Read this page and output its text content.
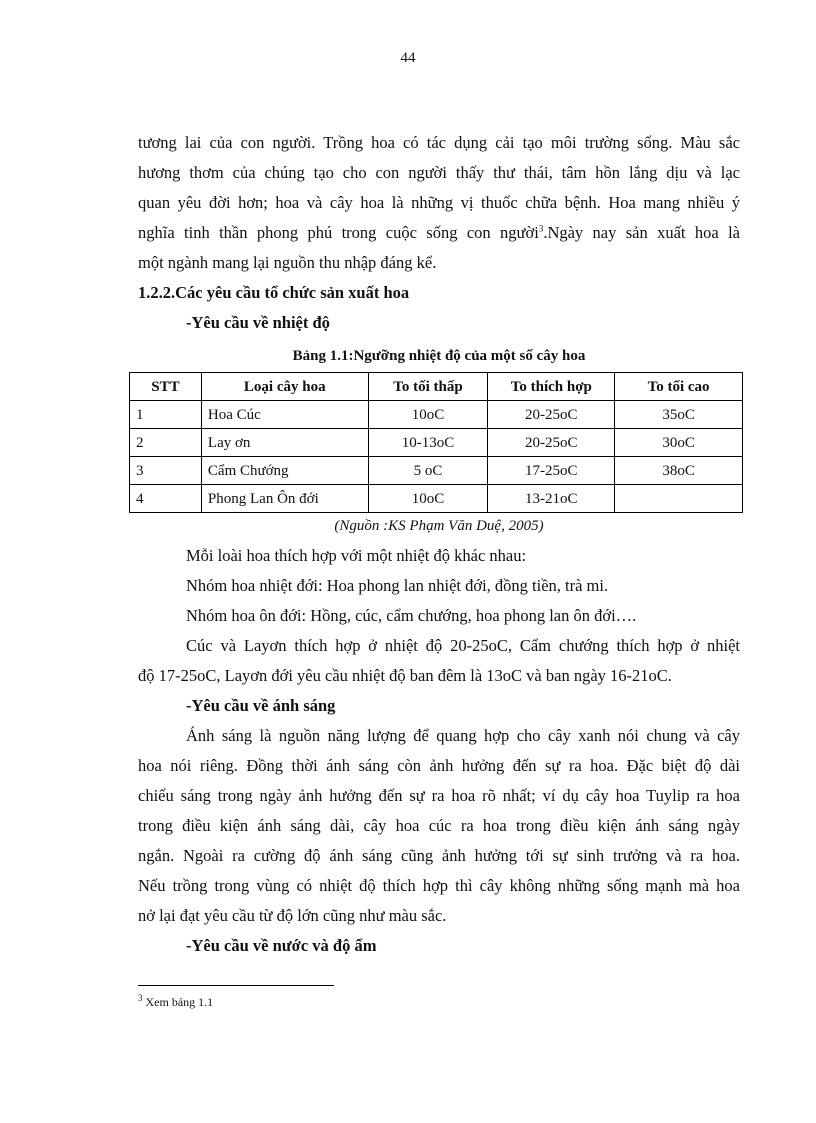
44

tương lai của con người. Trồng hoa có tác dụng cải tạo môi trường sống. Màu sắc

hương thơm của chúng tạo cho con người thấy thư thái, tâm hồn lắng dịu và lạc

quan yêu đời hơn; hoa và cây hoa là những vị thuốc chữa bệnh. Hoa mang nhiều ý

nghĩa tinh thần phong phú trong cuộc sống con người$^3$.Ngày nay sản xuất hoa là

một ngành mang lại nguồn thu nhập đáng kể.

1.2.2.Các yêu cầu tổ chức sản xuất hoa

-Yêu cầu về nhiệt độ

Bảng 1.1:Ngưỡng nhiệt độ của một số cây hoa
STT	Loại cây hoa	To tối thấp	To thích hợp	To tối cao
1	Hoa Cúc	10oC	20-25oC	35oC
2	Lay ơn	10-13oC	20-25oC	30oC
3	Cẩm Chướng	5 oC	17-25oC	38oC
4	Phong Lan Ôn đới	10oC	13-21oC	
(Nguồn :KS Phạm Văn Duệ, 2005)

Mỗi loài hoa thích hợp với một nhiệt độ khác nhau:

Nhóm hoa nhiệt đới: Hoa phong lan nhiệt đới, đồng tiền, trà mi.

Nhóm hoa ôn đới: Hồng, cúc, cẩm chướng, hoa phong lan ôn đới….

Cúc và Layơn thích hợp ở nhiệt độ 20-25oC, Cẩm chướng thích hợp ở nhiệt

độ 17-25oC, Layơn đới yêu cầu nhiệt độ ban đêm là 13oC và ban ngày 16-21oC.

-Yêu cầu về ánh sáng

Ánh sáng là nguồn năng lượng để quang hợp cho cây xanh nói chung và cây

hoa nói riêng. Đồng thời ánh sáng còn ảnh hưởng đến sự ra hoa. Đặc biệt độ dài

chiếu sáng trong ngày ảnh hưởng đến sự ra hoa rõ nhất; ví dụ cây hoa Tuylip ra hoa

trong điều kiện ánh sáng dài, cây hoa cúc ra hoa trong điều kiện ánh sáng ngày

ngắn. Ngoài ra cường độ ánh sáng cũng ảnh hưởng tới sự sinh trưởng và ra hoa.

Nếu trồng trong vùng có nhiệt độ thích hợp thì cây không những sống mạnh mà hoa

nở lại đạt yêu cầu từ độ lớn cũng như màu sắc.

-Yêu cầu về nước và độ ẩm

$^3$ Xem bảng 1.1
